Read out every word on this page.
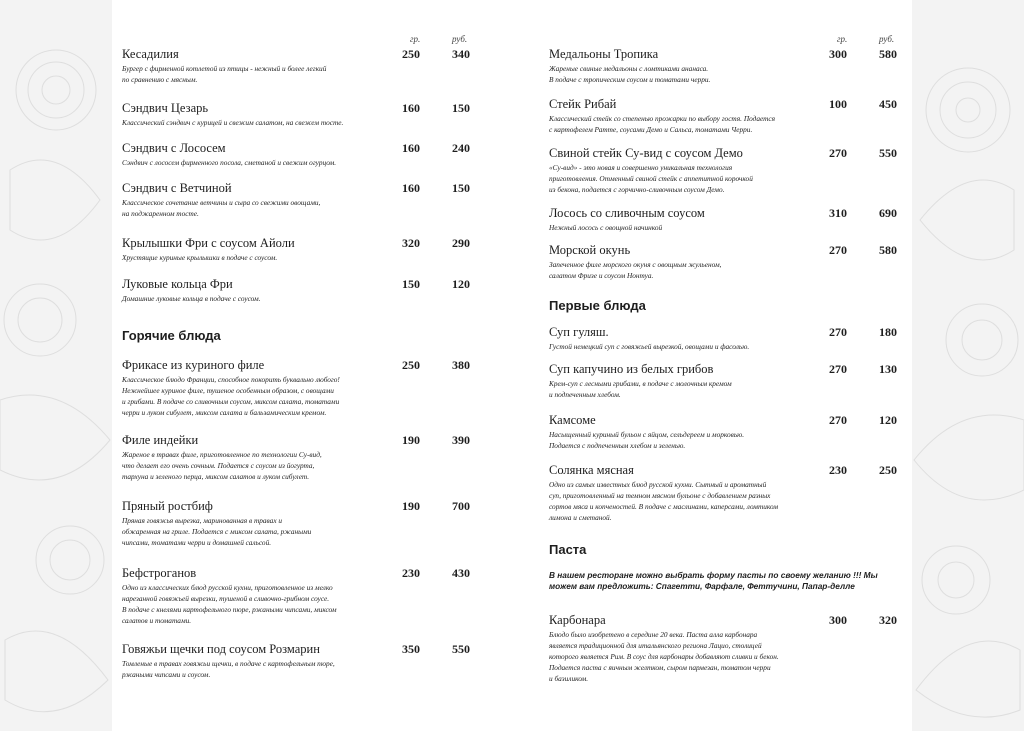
гр.	руб.
Кесадилия	250	340
Бургер с фирменной котлетой из птицы - нежный и более легкий
по сравнению с мясным.
Сэндвич Цезарь	160	150
Классический сэндвич с курицей и свежим салатом, на свежем тосте.
Сэндвич с Лососем	160	240
Сэндвич с лососем фирменного посола, сметаной и свежим огурцом.
Сэндвич с Ветчиной	160	150
Классическое сочетание ветчины и сыра со свежими овощами,
на поджаренном тосте.
Крылышки Фри с соусом Айоли	320	290
Хрустящие куриные крылышки в подаче с соусом.
Луковые кольца Фри	150	120
Домашние луковые кольца в подаче с соусом.
Горячие блюда
Фрикасе из куриного филе	250	380
Классическое блюдо Франции, способное покорить буквально любого!
Нежнейшее куриное филе, тушеное особенным образом, с овощами
и грибами. В подаче со сливочным соусом, миксом салата, томатами
черри и луком сибулет, миксом салата и бальзамическим кремом.
Филе индейки	190	390
Жареное в травах филе, приготовленное по технологии Су-вид,
что делает его очень сочным. Подается с соусом из йогурта,
тархуна и зеленого перца, миксом салатов и луком сибулет.
Пряный ростбиф	190	700
Пряная говяжья вырезка, маринованная в травах и
обжаренная на гриле. Подается с миксом салата, ржаными
чипсами, томатами черри и домашней сальсой.
Бефстроганов	230	430
Одно из классических блюд русской кухни, приготовленное из мелко
нарезанной говяжьей вырезки, тушеной в сливочно-грибном соусе.
В подаче с кнелями картофельного пюре, ржаными чипсами, миксом
салатов и томатами.
Говяжьи щечки под соусом Розмарин	350	550
Томленые в травах говяжьи щечки, в подаче с картофельным пюре,
ржаными чипсами и соусом.
гр.	руб.
Медальоны Тропика	300	580
Жареные свиные медальоны с ломтиками ананаса.
В подаче с тропическим соусом и томатами черри.
Стейк Рибай	100	450
Классический стейк со степенью прожарки по выбору гостя. Подается
с картофелем Ратте, соусами Демо и Сальса, томатами Черри.
Свиной стейк Су-вид с соусом Демо	270	550
«Су-вид» - это новая и совершенно уникальная технология
приготовления. Отменный свиной стейк с аппетитной корочкой
из бекона, подается с горчично-сливочным соусом Демо.
Лосось со сливочным соусом	310	690
Нежный лосось с овощной начинкой
Морской окунь	270	580
Запеченное филе морского окуня с овощным жульеном,
салатом Фризе и соусом Нонтуа.
Первые блюда
Суп гуляш.	270	180
Густой немецкий суп с говяжьей вырезкой, овощами и фасолью.
Суп капучино из белых грибов	270	130
Крем-суп с лесными грибами, в подаче с молочным кремом
и подпеченным хлебом.
Камсоме	270	120
Насыщенный куриный бульон с яйцом, сельдереем и морковью.
Подается с подпеченным хлебом и зеленью.
Солянка мясная	230	250
Одно из самых известных блюд русской кухни. Сытный и ароматный
суп, приготовленный на темном мясном бульоне с добавлением разных
сортов мяса и копченостей. В подаче с маслинами, каперсами, ломтиком
лимона и сметаной.
Паста
В нашем ресторане можно выбрать форму пасты по своему желанию !!! Мы можем вам предложить: Спагетти, Фарфале, Феттучини, Папар-делле
Карбонара	300	320
Блюдо было изобретено в середине 20 века. Паста алла карбонара
является традиционной для итальянского региона Лацио, столицей
которого является Рим. В соус для карбонары добавляют сливки и бекон.
Подается паста с яичным желтком, сыром пармезан, томатом черри
и базиликом.
